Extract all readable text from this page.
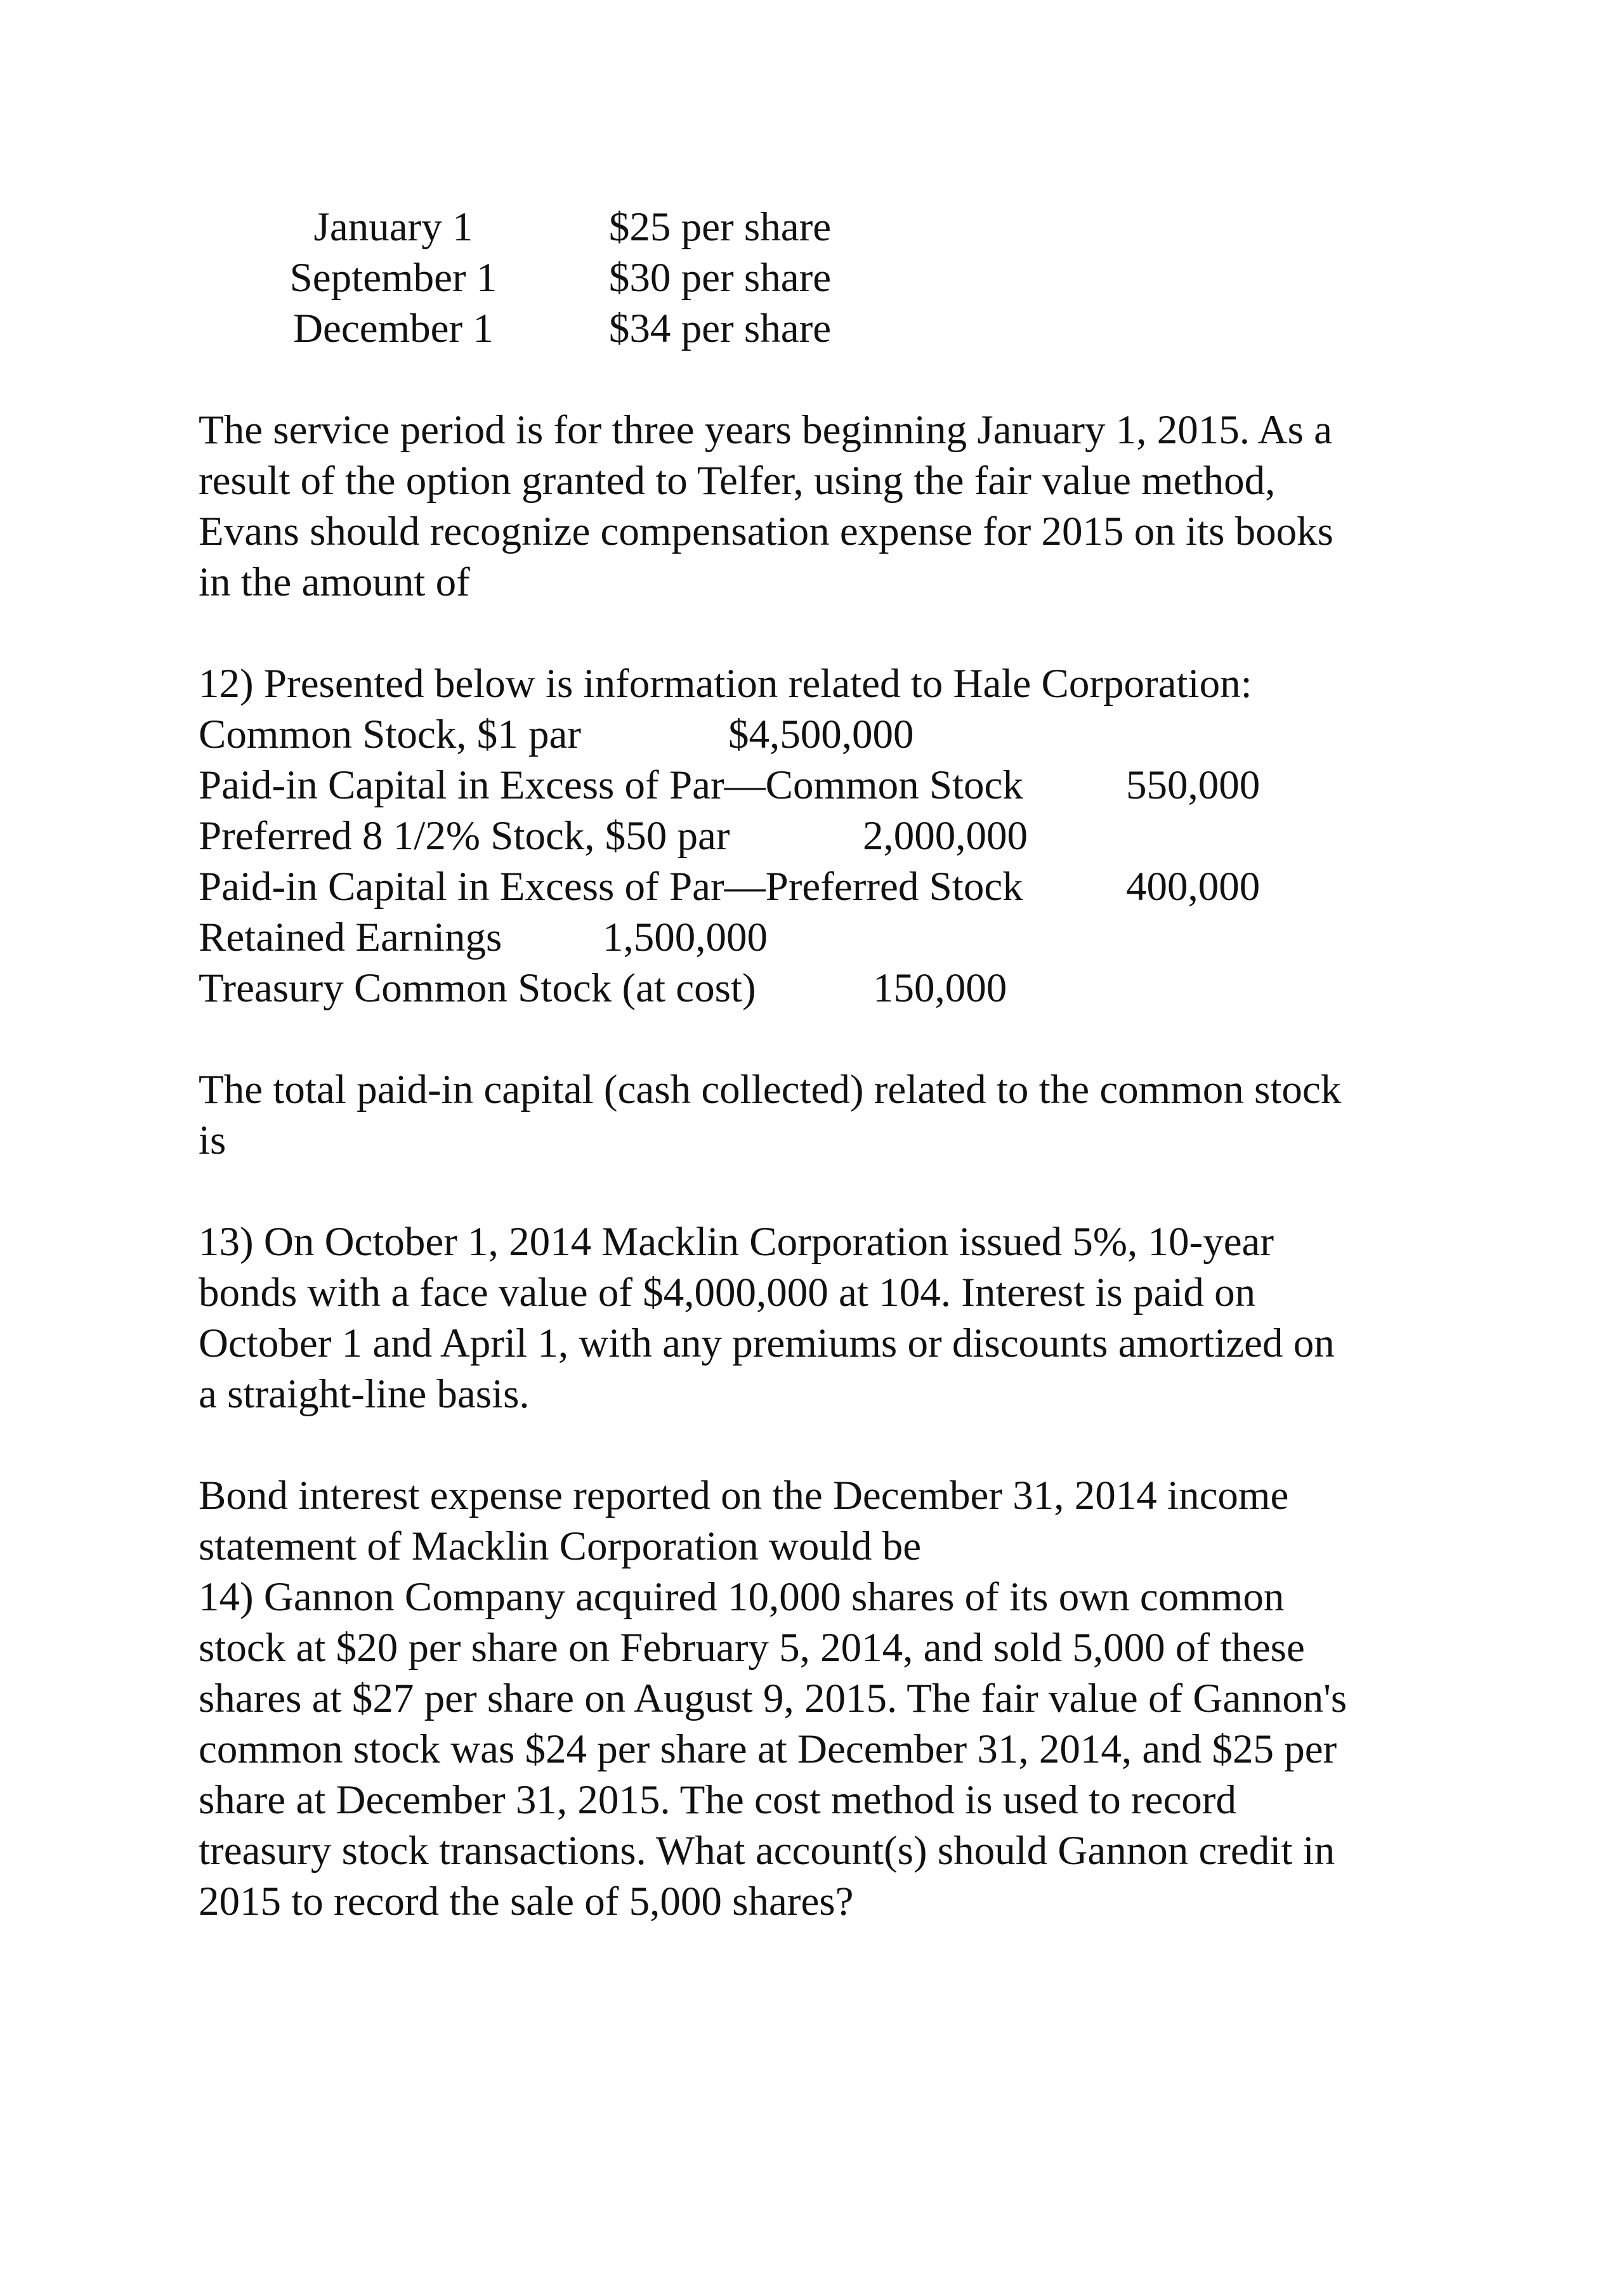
January 1	$25 per share
September 1	$30 per share
December 1	$34 per share
The service period is for three years beginning January 1, 2015. As a
result of the option granted to Telfer, using the fair value method,
Evans should recognize compensation expense for 2015 on its books
in the amount of
12) Presented below is information related to Hale Corporation:
Common Stock, $1 par	$4,500,000
Paid-in Capital in Excess of Par—Common Stock 550,000
Preferred 8 1/2% Stock, $50 par	2,000,000
Paid-in Capital in Excess of Par—Preferred Stock 400,000
Retained Earnings 1,500,000
Treasury Common Stock (at cost)	150,000
The total paid-in capital (cash collected) related to the common stock
is
13) On October 1, 2014 Macklin Corporation issued 5%, 10-year
bonds with a face value of $4,000,000 at 104. Interest is paid on
October 1 and April 1, with any premiums or discounts amortized on
a straight-line basis.
Bond interest expense reported on the December 31, 2014 income
statement of Macklin Corporation would be
14) Gannon Company acquired 10,000 shares of its own common
stock at $20 per share on February 5, 2014, and sold 5,000 of these
shares at $27 per share on August 9, 2015. The fair value of Gannon's
common stock was $24 per share at December 31, 2014, and $25 per
share at December 31, 2015. The cost method is used to record
treasury stock transactions. What account(s) should Gannon credit in
2015 to record the sale of 5,000 shares?
